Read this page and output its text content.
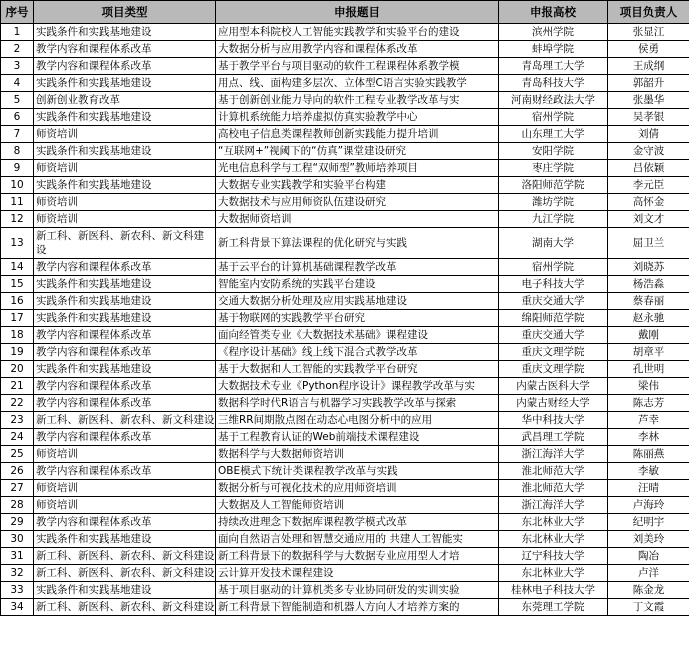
序号	项目类型	申报题目	申报高校	项目负责人
1	实践条件和实践基地建设	应用型本科院校人工智能实践教学和实验平台的建设	滨州学院	张显江
2	教学内容和课程体系改革	大数据分析与应用教学内容和课程体系改革	蚌埠学院	侯勇
3	教学内容和课程体系改革	基于教学平台与项目驱动的软件工程课程体系教学模	青岛理工大学	王成纲
4	实践条件和实践基地建设	用点、线、面构建多层次、立体型C语言实验实践教学	青岛科技大学	郭韶升
5	创新创业教育改革	基于创新创业能力导向的软件工程专业教学改革与实	河南财经政法大学	张墨华
6	实践条件和实践基地建设	计算机系统能力培养虚拟仿真实验教学中心	宿州学院	吴孝银
7	师资培训	高校电子信息类课程教师创新实践能力提升培训	山东理工大学	刘倩
8	实践条件和实践基地建设	“互联网+”视阈下的“仿真”课堂建设研究	安阳学院	金守波
9	师资培训	光电信息科学与工程“双师型”教师培养项目	枣庄学院	吕依颖
10	实践条件和实践基地建设	大数据专业实践教学和实验平台构建	洛阳师范学院	李元臣
11	师资培训	大数据技术与应用师资队伍建设研究	潍坊学院	高怀金
12	师资培训	大数据师资培训	九江学院	刘文才
13	新工科、新医科、新农科、新文科建设	新工科背景下算法课程的优化研究与实践	湖南大学	屈卫兰
14	教学内容和课程体系改革	基于云平台的计算机基础课程教学改革	宿州学院	刘晓苏
15	实践条件和实践基地建设	智能室内安防系统的实践平台建设	电子科技大学	杨浩淼
16	实践条件和实践基地建设	交通大数据分析处理及应用实践基地建设	重庆交通大学	蔡春丽
17	实践条件和实践基地建设	基于物联网的实践教学平台研究	绵阳师范学院	赵永驰
18	教学内容和课程体系改革	面向经管类专业《大数据技术基础》课程建设	重庆交通大学	戴刚
19	教学内容和课程体系改革	《程序设计基础》线上线下混合式教学改革	重庆文理学院	胡章平
20	实践条件和实践基地建设	基于大数据和人工智能的实践教学平台研究	重庆文理学院	孔世明
21	教学内容和课程体系改革	大数据技术专业《Python程序设计》课程教学改革与实	内蒙古医科大学	梁伟
22	教学内容和课程体系改革	数据科学时代R语言与机器学习实践教学改革与探索	内蒙古财经大学	陈志芳
23	新工科、新医科、新农科、新文科建设	三维RR间期散点图在动态心电图分析中的应用	华中科技大学	芦幸
24	教学内容和课程体系改革	基于工程教育认证的Web前端技术课程建设	武昌理工学院	李林
25	师资培训	数据科学与大数据师资培训	浙江海洋大学	陈丽燕
26	教学内容和课程体系改革	OBE模式下统计类课程教学改革与实践	淮北师范大学	李敏
27	师资培训	数据分析与可视化技术的应用师资培训	淮北师范大学	汪晴
28	师资培训	大数据及人工智能师资培训	浙江海洋大学	卢海玲
29	教学内容和课程体系改革	持续改进理念下数据库课程教学模式改革	东北林业大学	纪明宇
30	实践条件和实践基地建设	面向自然语言处理和智慧交通应用的 共建人工智能实	东北林业大学	刘美玲
31	新工科、新医科、新农科、新文科建设	新工科背景下的数据科学与大数据专业应用型人才培	辽宁科技大学	陶冶
32	新工科、新医科、新农科、新文科建设	云计算开发技术课程建设	东北林业大学	卢洋
33	实践条件和实践基地建设	基于项目驱动的计算机类多专业协同研发的实训实验	桂林电子科技大学	陈金龙
34	新工科、新医科、新农科、新文科建设	新工科背景下智能制造和机器人方向人才培养方案的	东莞理工学院	丁文霞
